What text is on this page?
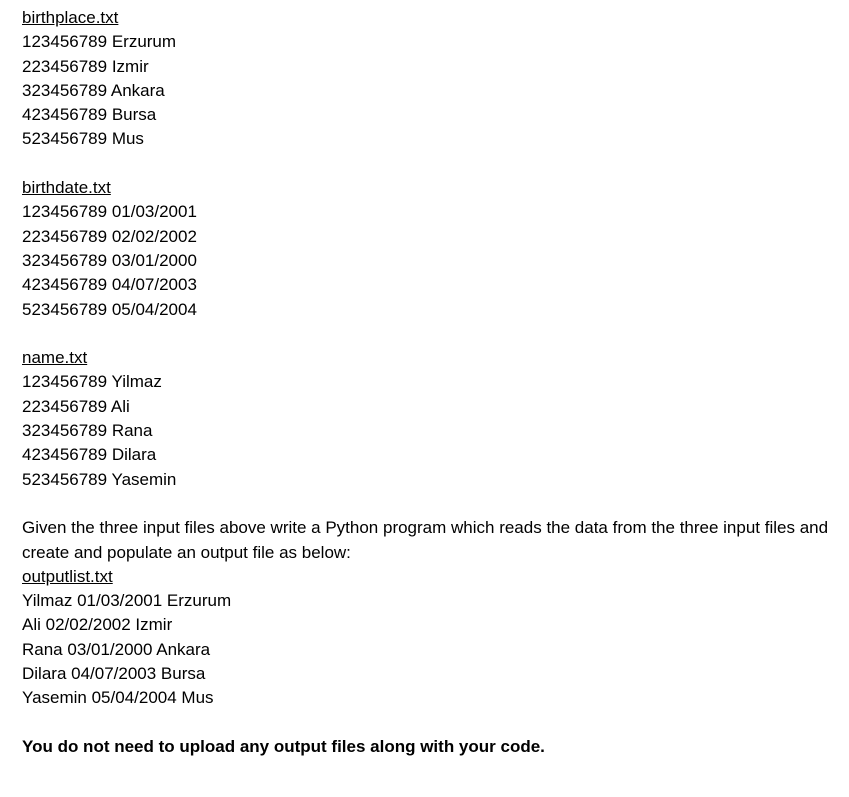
birthplace.txt
123456789 Erzurum
223456789 Izmir
323456789 Ankara
423456789 Bursa
523456789 Mus
birthdate.txt
123456789 01/03/2001
223456789 02/02/2002
323456789 03/01/2000
423456789 04/07/2003
523456789 05/04/2004
name.txt
123456789 Yilmaz
223456789 Ali
323456789 Rana
423456789 Dilara
523456789 Yasemin
Given the three input files above write a Python program which reads the data from the three input files and create and populate an output file as below:
outputlist.txt
Yilmaz 01/03/2001 Erzurum
Ali 02/02/2002 Izmir
Rana 03/01/2000 Ankara
Dilara 04/07/2003 Bursa
Yasemin 05/04/2004 Mus
You do not need to upload any output files along with your code.
